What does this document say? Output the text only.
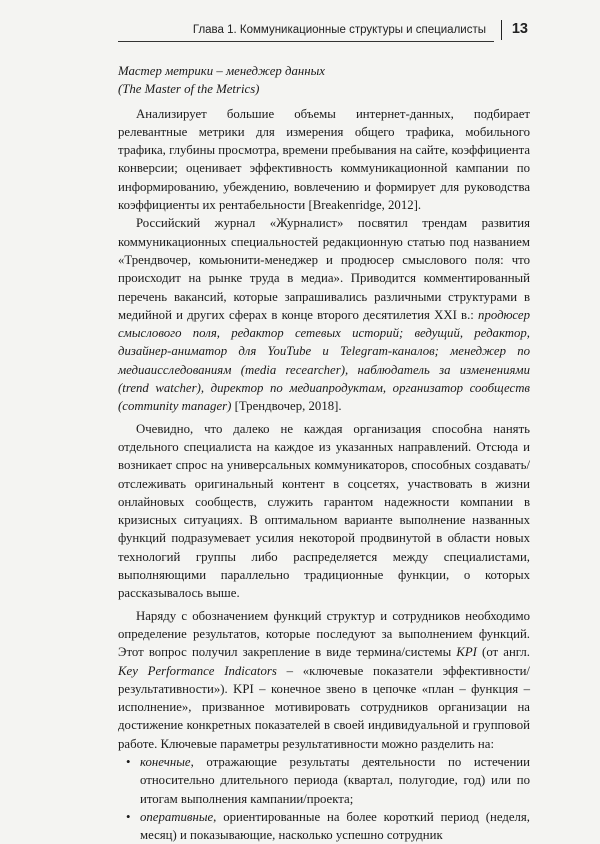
Глава 1. Коммуникационные структуры и специалисты 13
Мастер метрики – менеджер данных
(The Master of the Metrics)

Анализирует большие объемы интернет-данных, подбирает релевантные метрики для измерения общего трафика, мобильного трафика, глубины просмотра, времени пребывания на сайте, коэффициента конверсии; оценивает эффективность коммуникационной кампании по информированию, убеждению, вовлечению и формирует для руководства коэффициенты их рентабельности [Breakenridge, 2012].

Российский журнал «Журналист» посвятил трендам развития коммуникационных специальностей редакционную статью под названием «Трендвочер, комьюнити-менеджер и продюсер смыслового поля: что происходит на рынке труда в медиа». Приводится комментированный перечень вакансий, которые запрашивались различными структурами в медийной и других сферах в конце второго десятилетия XXI в.: продюсер смыслового поля, редактор сетевых историй; ведущий, редактор, дизайнер-аниматор для YouTube и Telegram-каналов; менеджер по медиаисследованиям (media recearcher), наблюдатель за изменениями (trend watcher), директор по медиапродуктам, организатор сообществ (community manager) [Трендвочер, 2018].

Очевидно, что далеко не каждая организация способна нанять отдельного специалиста на каждое из указанных направлений. Отсюда и возникает спрос на универсальных коммуникаторов, способных создавать/отслеживать оригинальный контент в соцсетях, участвовать в жизни онлайновых сообществ, служить гарантом надежности компании в кризисных ситуациях. В оптимальном варианте выполнение названных функций подразумевает усилия некоторой продвинутой в области новых технологий группы либо распределяется между специалистами, выполняющими параллельно традиционные функции, о которых рассказывалось выше.

Наряду с обозначением функций структур и сотрудников необходимо определение результатов, которые последуют за выполнением функций. Этот вопрос получил закрепление в виде термина/системы KPI (от англ. Key Performance Indicators – «ключевые показатели эффективности/результативности»). KPI – конечное звено в цепочке «план – функция – исполнение», призванное мотивировать сотрудников организации на достижение конкретных показателей в своей индивидуальной и групповой работе. Ключевые параметры результативности можно разделить на:

• конечные, отражающие результаты деятельности по истечении относительно длительного периода (квартал, полугодие, год) или по итогам выполнения кампании/проекта;
• оперативные, ориентированные на более короткий период (неделя, месяц) и показывающие, насколько успешно сотрудник
